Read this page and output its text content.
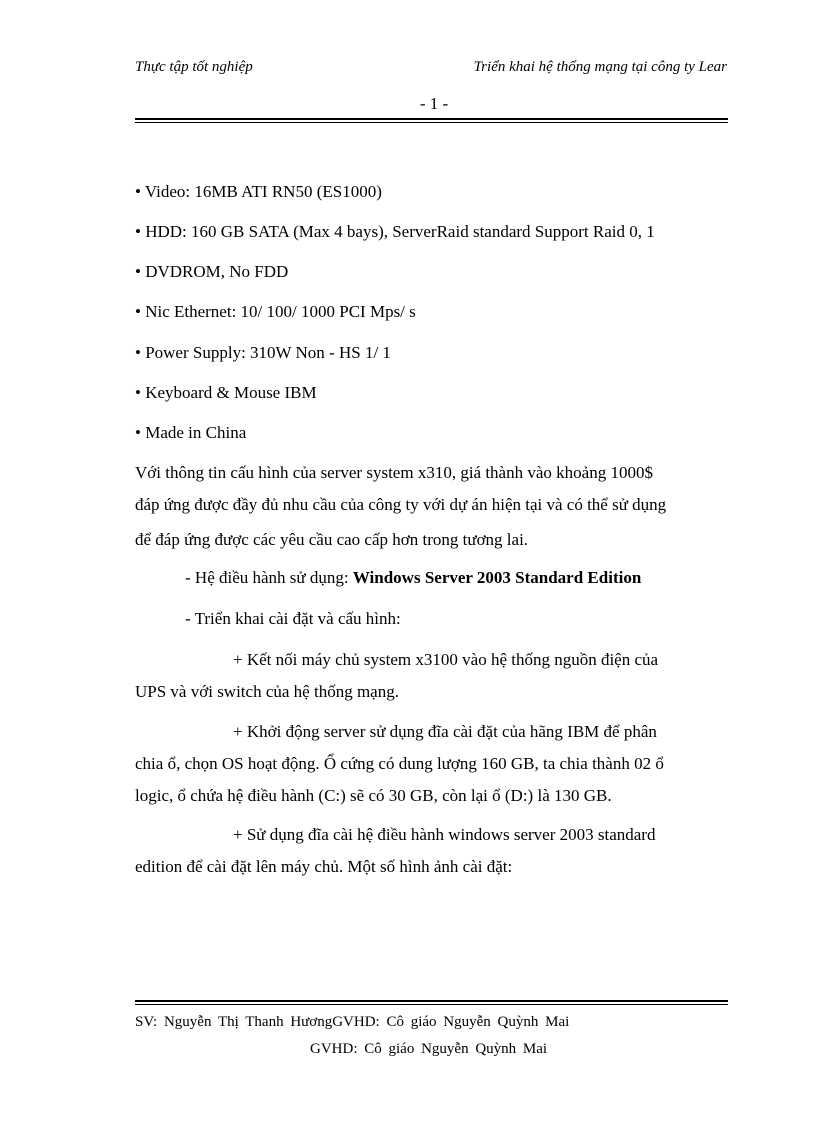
Thực tập tốt nghiệp	Triển khai hệ thống mạng tại công ty Lear
- 1 -
• Video: 16MB ATI RN50 (ES1000)
• HDD: 160 GB SATA (Max 4 bays), ServerRaid standard Support Raid 0, 1
• DVDROM, No FDD
• Nic Ethernet: 10/ 100/ 1000 PCI Mps/ s
• Power Supply: 310W Non - HS 1/ 1
• Keyboard & Mouse IBM
• Made in China
Với thông tin cấu hình của server system x310, giá thành vào khoảng 1000$
đáp ứng được đầy đủ nhu cầu của công ty với dự án hiện tại và có thể sử dụng
để đáp ứng được các yêu cầu cao cấp hơn trong tương lai.
- Hệ điều hành sử dụng: Windows Server 2003 Standard Edition
- Triển khai cài đặt và cấu hình:
+ Kết nối máy chủ system x3100 vào hệ thống nguồn điện của
UPS và với switch của hệ thống mạng.
+ Khởi động server sử dụng đĩa cài đặt của hãng IBM để phân
chia ổ, chọn OS hoạt động. Ổ cứng có dung lượng 160 GB, ta chia thành 02 ổ
logic, ổ chứa hệ điều hành (C:) sẽ có 30 GB, còn lại ổ (D:) là 130 GB.
+ Sử dụng đĩa cài hệ điều hành windows server 2003 standard
edition để cài đặt lên máy chủ. Một số hình ảnh cài đặt:
SV: Nguyễn Thị Thanh HươngGVHD: Cô giáo Nguyễn Quỳnh Mai
GVHD: Cô giáo Nguyễn Quỳnh Mai
